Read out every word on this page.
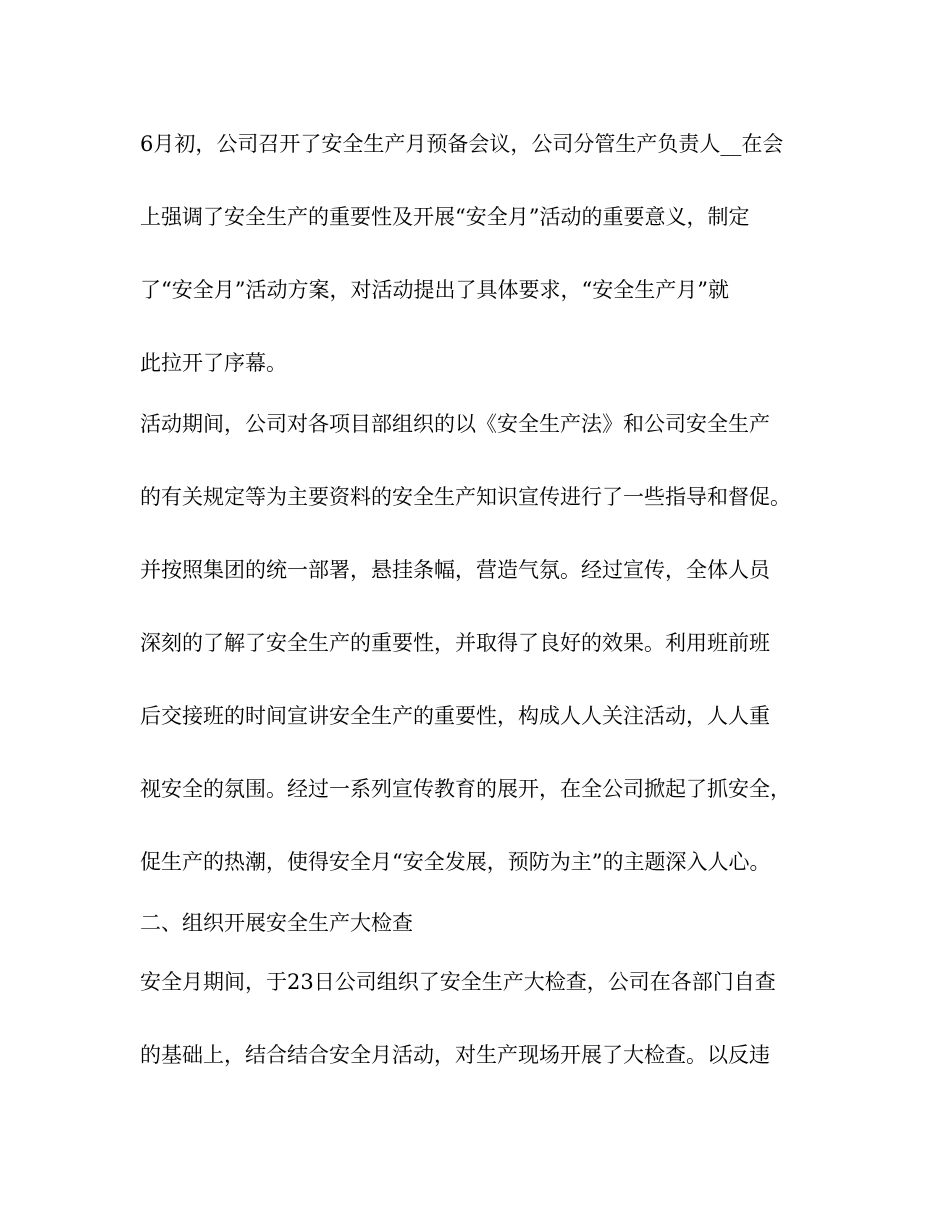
6月初，公司召开了安全生产月预备会议，公司分管生产负责人__在会
上强调了安全生产的重要性及开展“安全月”活动的重要意义，制定
了“安全月”活动方案，对活动提出了具体要求，“安全生产月”就
此拉开了序幕。
活动期间，公司对各项目部组织的以《安全生产法》和公司安全生产
的有关规定等为主要资料的安全生产知识宣传进行了一些指导和督促。
并按照集团的统一部署，悬挂条幅，营造气氛。经过宣传，全体人员
深刻的了解了安全生产的重要性，并取得了良好的效果。利用班前班
后交接班的时间宣讲安全生产的重要性，构成人人关注活动，人人重
视安全的氛围。经过一系列宣传教育的展开，在全公司掀起了抓安全，
促生产的热潮，使得安全月“安全发展，预防为主”的主题深入人心。
二、组织开展安全生产大检查
安全月期间，于23日公司组织了安全生产大检查，公司在各部门自查
的基础上，结合结合安全月活动，对生产现场开展了大检查。以反违
